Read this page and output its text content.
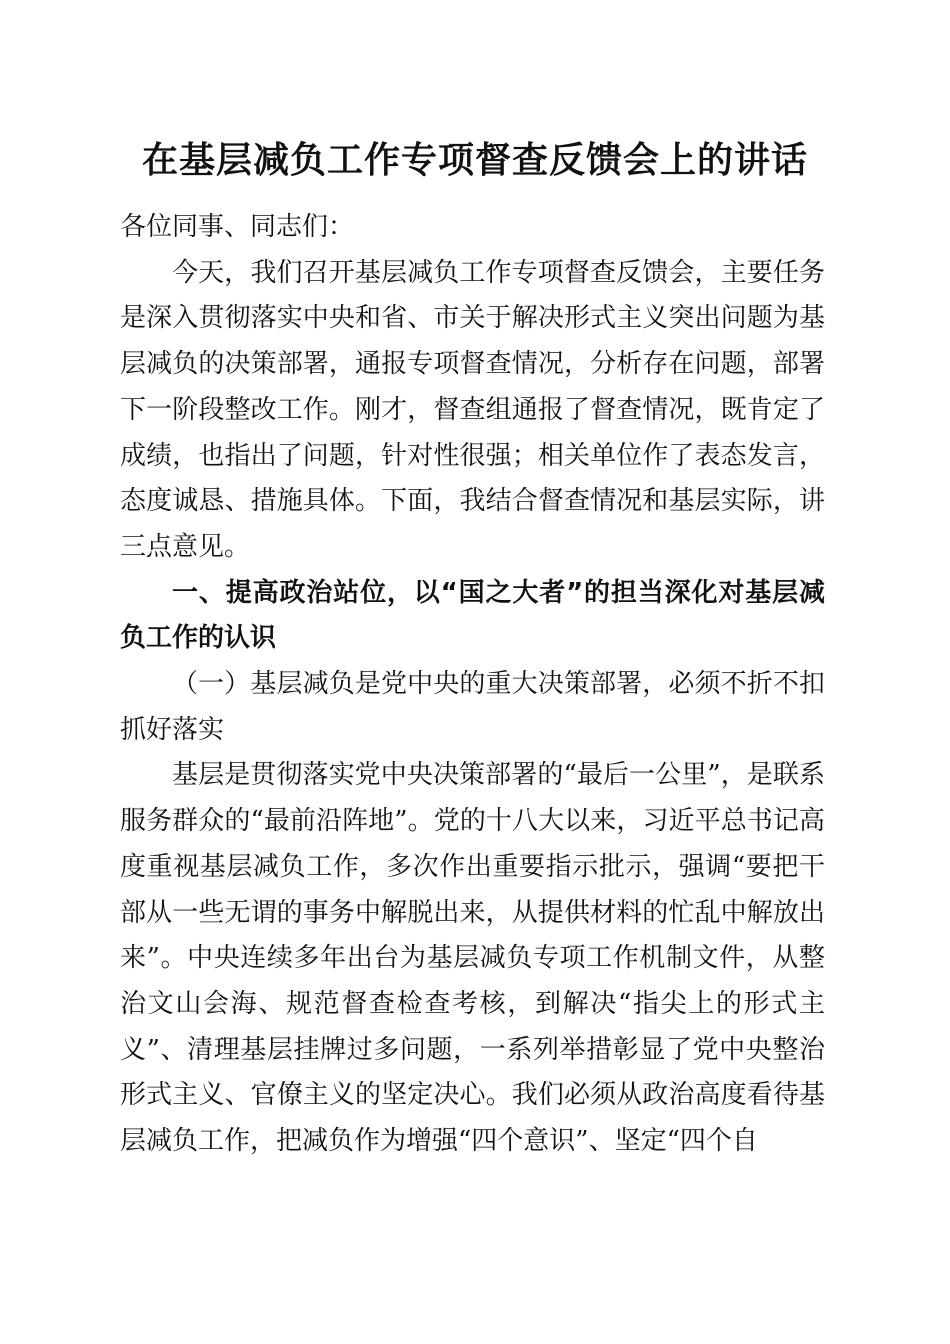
在基层减负工作专项督查反馈会上的讲话

各位同事、同志们：

今天，我们召开基层减负工作专项督查反馈会，主要任务是深入贯彻落实中央和省、市关于解决形式主义突出问题为基层减负的决策部署，通报专项督查情况，分析存在问题，部署下一阶段整改工作。刚才，督查组通报了督查情况，既肯定了成绩，也指出了问题，针对性很强；相关单位作了表态发言，态度诚恳、措施具体。下面，我结合督查情况和基层实际，讲三点意见。

一、提高政治站位，以“国之大者”的担当深化对基层减负工作的认识

（一）基层减负是党中央的重大决策部署，必须不折不扣抓好落实

基层是贯彻落实党中央决策部署的“最后一公里”，是联系服务群众的“最前沿阵地”。党的十八大以来，习近平总书记高度重视基层减负工作，多次作出重要指示批示，强调“要把干部从一些无谓的事务中解脱出来，从提供材料的忙乱中解放出来”。中央连续多年出台为基层减负专项工作机制文件，从整治文山会海、规范督查检查考核，到解决“指尖上的形式主义”、清理基层挂牌过多问题，一系列举措彰显了党中央整治形式主义、官僚主义的坚定决心。我们必须从政治高度看待基层减负工作，把减负作为增强“四个意识”、坚定“四个自
